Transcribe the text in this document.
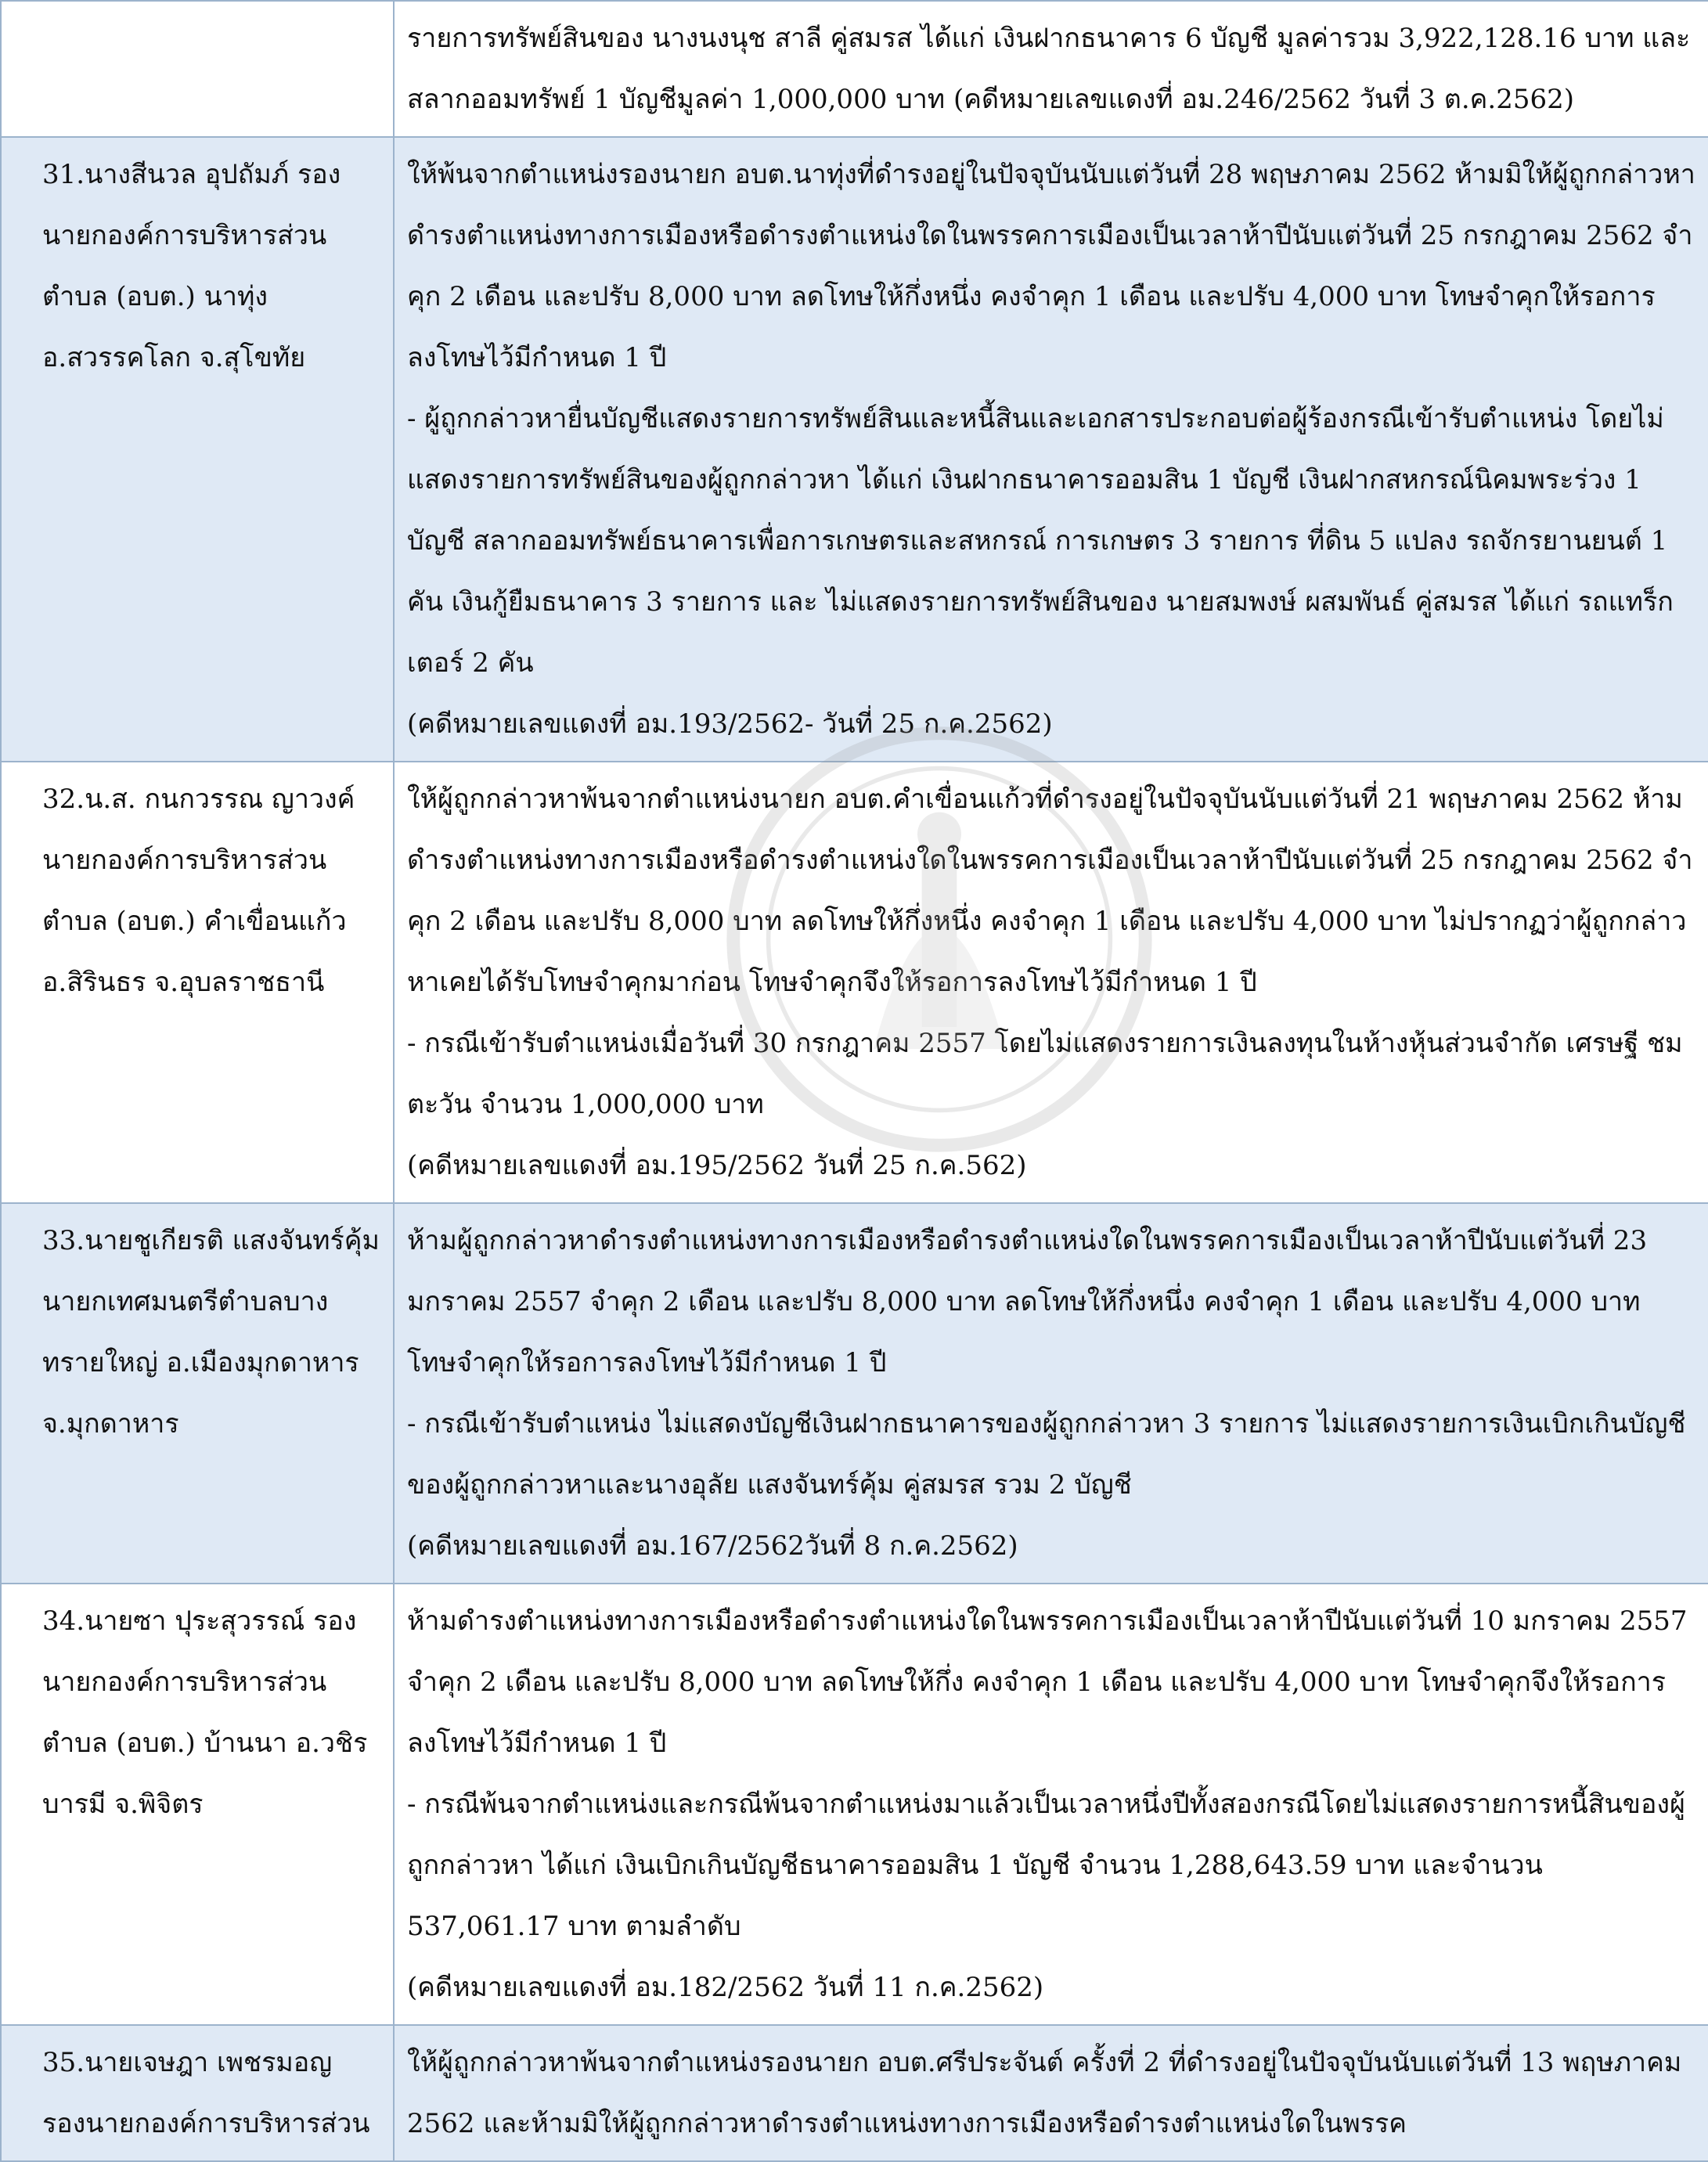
	รายการทรัพย์สินของ นางนงนุช สาลี คู่สมรส ได้แก่ เงินฝากธนาคาร 6 บัญชี มูลค่ารวม 3,922,128.16 บาท และสลากออมทรัพย์ 1 บัญชีมูลค่า 1,000,000 บาท (คดีหมายเลขแดงที่ อม.246/2562 วันที่ 3 ต.ค.2562)

31.นางสีนวล อุปถัมภ์ รองนายกองค์การบริหารส่วนตำบล (อบต.) นาทุ่ง อ.สวรรคโลก จ.สุโขทัย	ให้พ้นจากตำแหน่งรองนายก อบต.นาทุ่งที่ดำรงอยู่ในปัจจุบันนับแต่วันที่ 28 พฤษภาคม 2562 ห้ามมิให้ผู้ถูกกล่าวหาดำรงตำแหน่งทางการเมืองหรือดำรงตำแหน่งใดในพรรคการเมืองเป็นเวลาห้าปีนับแต่วันที่ 25 กรกฎาคม 2562 จำคุก 2 เดือน และปรับ 8,000 บาท ลดโทษให้กึ่งหนึ่ง คงจำคุก 1 เดือน และปรับ 4,000 บาท โทษจำคุกให้รอการลงโทษไว้มีกำหนด 1 ปี
- ผู้ถูกกล่าวหายื่นบัญชีแสดงรายการทรัพย์สินและหนี้สินและเอกสารประกอบต่อผู้ร้องกรณีเข้ารับตำแหน่ง โดยไม่แสดงรายการทรัพย์สินของผู้ถูกกล่าวหา ได้แก่ เงินฝากธนาคารออมสิน 1 บัญชี เงินฝากสหกรณ์นิคมพระร่วง 1 บัญชี สลากออมทรัพย์ธนาคารเพื่อการเกษตรและสหกรณ์ การเกษตร 3 รายการ ที่ดิน 5 แปลง รถจักรยานยนต์ 1 คัน เงินกู้ยืมธนาคาร 3 รายการ และ ไม่แสดงรายการทรัพย์สินของ นายสมพงษ์ ผสมพันธ์ คู่สมรส ได้แก่ รถแทร็กเตอร์ 2 คัน
(คดีหมายเลขแดงที่ อม.193/2562- วันที่ 25 ก.ค.2562)

32.น.ส. กนกวรรณ ญาวงค์ นายกองค์การบริหารส่วนตำบล (อบต.) คำเขื่อนแก้ว อ.สิรินธร จ.อุบลราชธานี	ให้ผู้ถูกกล่าวหาพ้นจากตำแหน่งนายก อบต.คำเขื่อนแก้วที่ดำรงอยู่ในปัจจุบันนับแต่วันที่ 21 พฤษภาคม 2562 ห้ามดำรงตำแหน่งทางการเมืองหรือดำรงตำแหน่งใดในพรรคการเมืองเป็นเวลาห้าปีนับแต่วันที่ 25 กรกฎาคม 2562 จำคุก 2 เดือน และปรับ 8,000 บาท ลดโทษให้กึ่งหนึ่ง คงจำคุก 1 เดือน และปรับ 4,000 บาท ไม่ปรากฏว่าผู้ถูกกล่าวหาเคยได้รับโทษจำคุกมาก่อน โทษจำคุกจึงให้รอการลงโทษไว้มีกำหนด 1 ปี
- กรณีเข้ารับตำแหน่งเมื่อวันที่ 30 กรกฎาคม 2557 โดยไม่แสดงรายการเงินลงทุนในห้างหุ้นส่วนจำกัด เศรษฐี ชมตะวัน จำนวน 1,000,000 บาท
(คดีหมายเลขแดงที่ อม.195/2562 วันที่ 25 ก.ค.562)

33.นายชูเกียรติ แสงจันทร์คุ้ม นายกเทศมนตรีตำบลบางทรายใหญ่ อ.เมืองมุกดาหาร จ.มุกดาหาร	ห้ามผู้ถูกกล่าวหาดำรงตำแหน่งทางการเมืองหรือดำรงตำแหน่งใดในพรรคการเมืองเป็นเวลาห้าปีนับแต่วันที่ 23 มกราคม 2557 จำคุก 2 เดือน และปรับ 8,000 บาท ลดโทษให้กึ่งหนึ่ง คงจำคุก 1 เดือน และปรับ 4,000 บาท โทษจำคุกให้รอการลงโทษไว้มีกำหนด 1 ปี
- กรณีเข้ารับตำแหน่ง ไม่แสดงบัญชีเงินฝากธนาคารของผู้ถูกกล่าวหา 3 รายการ ไม่แสดงรายการเงินเบิกเกินบัญชีของผู้ถูกกล่าวหาและนางอุลัย แสงจันทร์คุ้ม คู่สมรส รวม 2 บัญชี
(คดีหมายเลขแดงที่ อม.167/2562วันที่ 8 ก.ค.2562)

34.นายซา ปุระสุวรรณ์ รองนายกองค์การบริหารส่วนตำบล (อบต.) บ้านนา อ.วชิรบารมี จ.พิจิตร	ห้ามดำรงตำแหน่งทางการเมืองหรือดำรงตำแหน่งใดในพรรคการเมืองเป็นเวลาห้าปีนับแต่วันที่ 10 มกราคม 2557 จำคุก 2 เดือน และปรับ 8,000 บาท ลดโทษให้กึ่ง คงจำคุก 1 เดือน และปรับ 4,000 บาท โทษจำคุกจึงให้รอการลงโทษไว้มีกำหนด 1 ปี
- กรณีพ้นจากตำแหน่งและกรณีพ้นจากตำแหน่งมาแล้วเป็นเวลาหนึ่งปีทั้งสองกรณีโดยไม่แสดงรายการหนี้สินของผู้ถูกกล่าวหา ได้แก่ เงินเบิกเกินบัญชีธนาคารออมสิน 1 บัญชี จำนวน 1,288,643.59 บาท และจำนวน 537,061.17 บาท ตามลำดับ
(คดีหมายเลขแดงที่ อม.182/2562 วันที่ 11 ก.ค.2562)

35.นายเจษฎา เพชรมอญ รองนายกองค์การบริหารส่วน	ให้ผู้ถูกกล่าวหาพ้นจากตำแหน่งรองนายก อบต.ศรีประจันต์ ครั้งที่ 2 ที่ดำรงอยู่ในปัจจุบันนับแต่วันที่ 13 พฤษภาคม 2562 และห้ามมิให้ผู้ถูกกล่าวหาดำรงตำแหน่งทางการเมืองหรือดำรงตำแหน่งใดในพรรค
